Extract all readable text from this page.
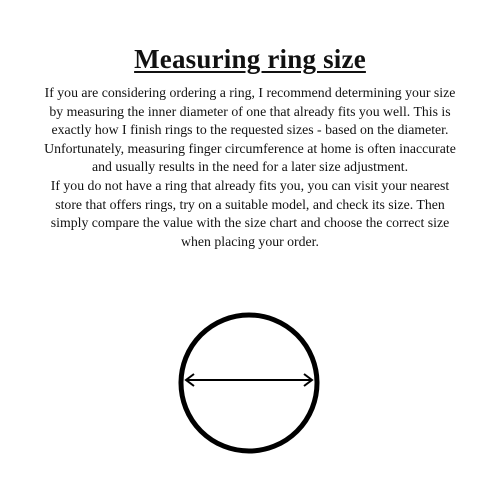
Measuring ring size

If you are considering ordering a ring, I recommend determining your size by measuring the inner diameter of one that already fits you well. This is exactly how I finish rings to the requested sizes - based on the diameter.

Unfortunately, measuring finger circumference at home is often inaccurate and usually results in the need for a later size adjustment.

If you do not have a ring that already fits you, you can visit your nearest store that offers rings, try on a suitable model, and check its size. Then simply compare the value with the size chart and choose the correct size when placing your order.
